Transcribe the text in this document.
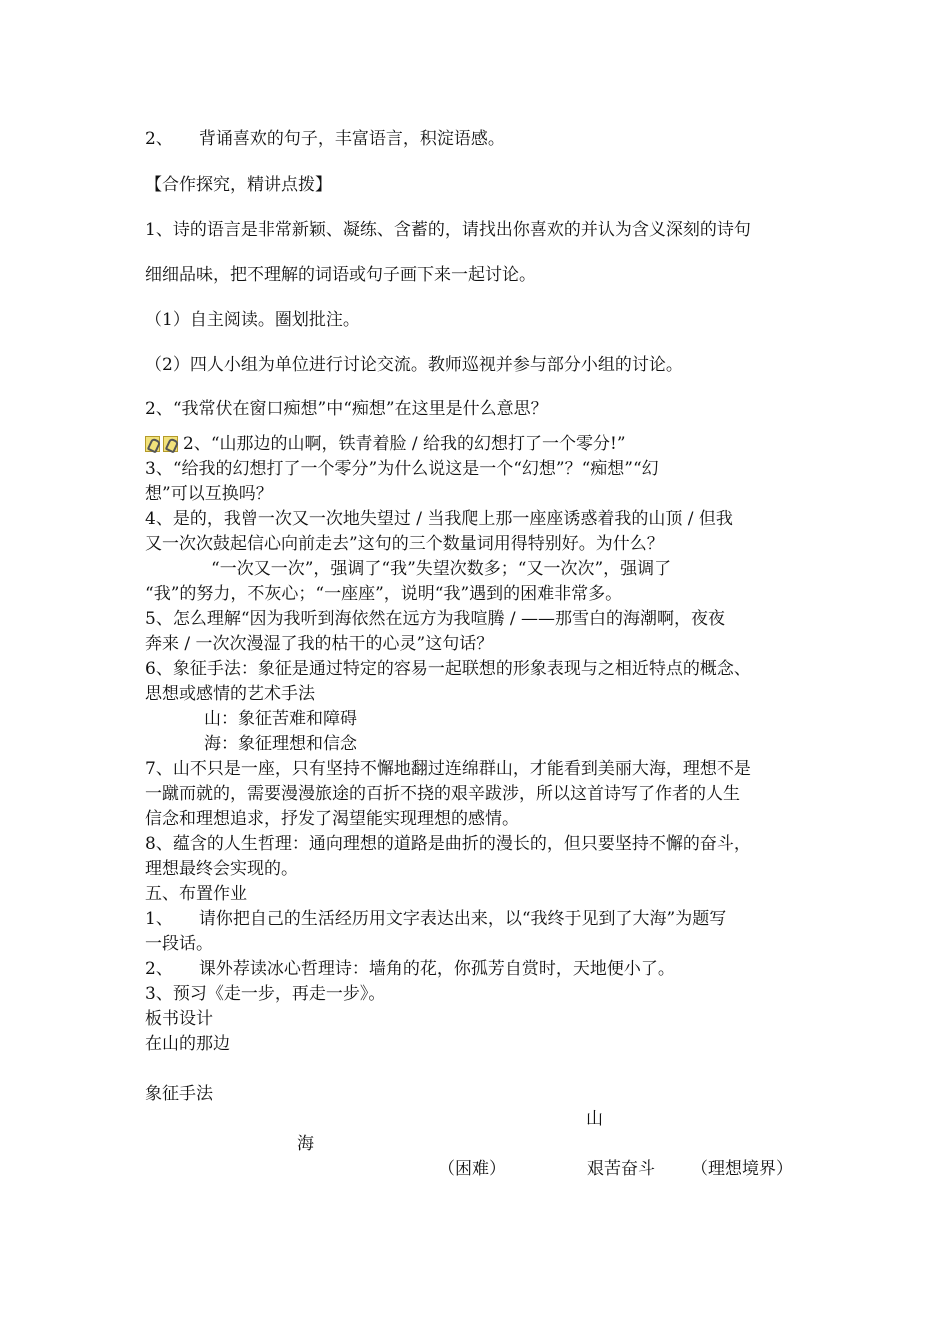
2、 背诵喜欢的句子，丰富语言，积淀语感。
【合作探究，精讲点拨】
1、诗的语言是非常新颖、凝练、含蓄的，请找出你喜欢的并认为含义深刻的诗句
细细品味，把不理解的词语或句子画下来一起讨论。
（1）自主阅读。圈划批注。
（2）四人小组为单位进行讨论交流。教师巡视并参与部分小组的讨论。
2、“我常伏在窗口痴想”中“痴想”在这里是什么意思？
2、“山那边的山啊，铁青着脸 / 给我的幻想打了一个零分!”
3、“给我的幻想打了一个零分”为什么说这是一个“幻想”？“痴想”“幻
想”可以互换吗？
4、是的，我曾一次又一次地失望过 / 当我爬上那一座座诱惑着我的山顶 / 但我
又一次次鼓起信心向前走去”这句的三个数量词用得特别好。为什么？
“一次又一次”，强调了“我”失望次数多；“又一次次”，强调了
“我”的努力，不灰心；“一座座”，说明“我”遇到的困难非常多。
5、怎么理解“因为我听到海依然在远方为我喧腾 / ——那雪白的海潮啊，夜夜
奔来 / 一次次漫湿了我的枯干的心灵”这句话？
6、象征手法：象征是通过特定的容易一起联想的形象表现与之相近特点的概念、
思想或感情的艺术手法
山：象征苦难和障碍
海：象征理想和信念
7、山不只是一座，只有坚持不懈地翻过连绵群山，才能看到美丽大海，理想不是
一蹴而就的，需要漫漫旅途的百折不挠的艰辛跋涉，所以这首诗写了作者的人生
信念和理想追求，抒发了渴望能实现理想的感情。
8、蕴含的人生哲理：通向理想的道路是曲折的漫长的，但只要坚持不懈的奋斗，
理想最终会实现的。
五、布置作业
1、 请你把自己的生活经历用文字表达出来，以“我终于见到了大海”为题写
一段话。
2、 课外荐读冰心哲理诗：墙角的花，你孤芳自赏时，天地便小了。
3、预习《走一步，再走一步》。
板书设计
在山的那边
象征手法
山
海
（困难）	艰苦奋斗	（理想境界）
